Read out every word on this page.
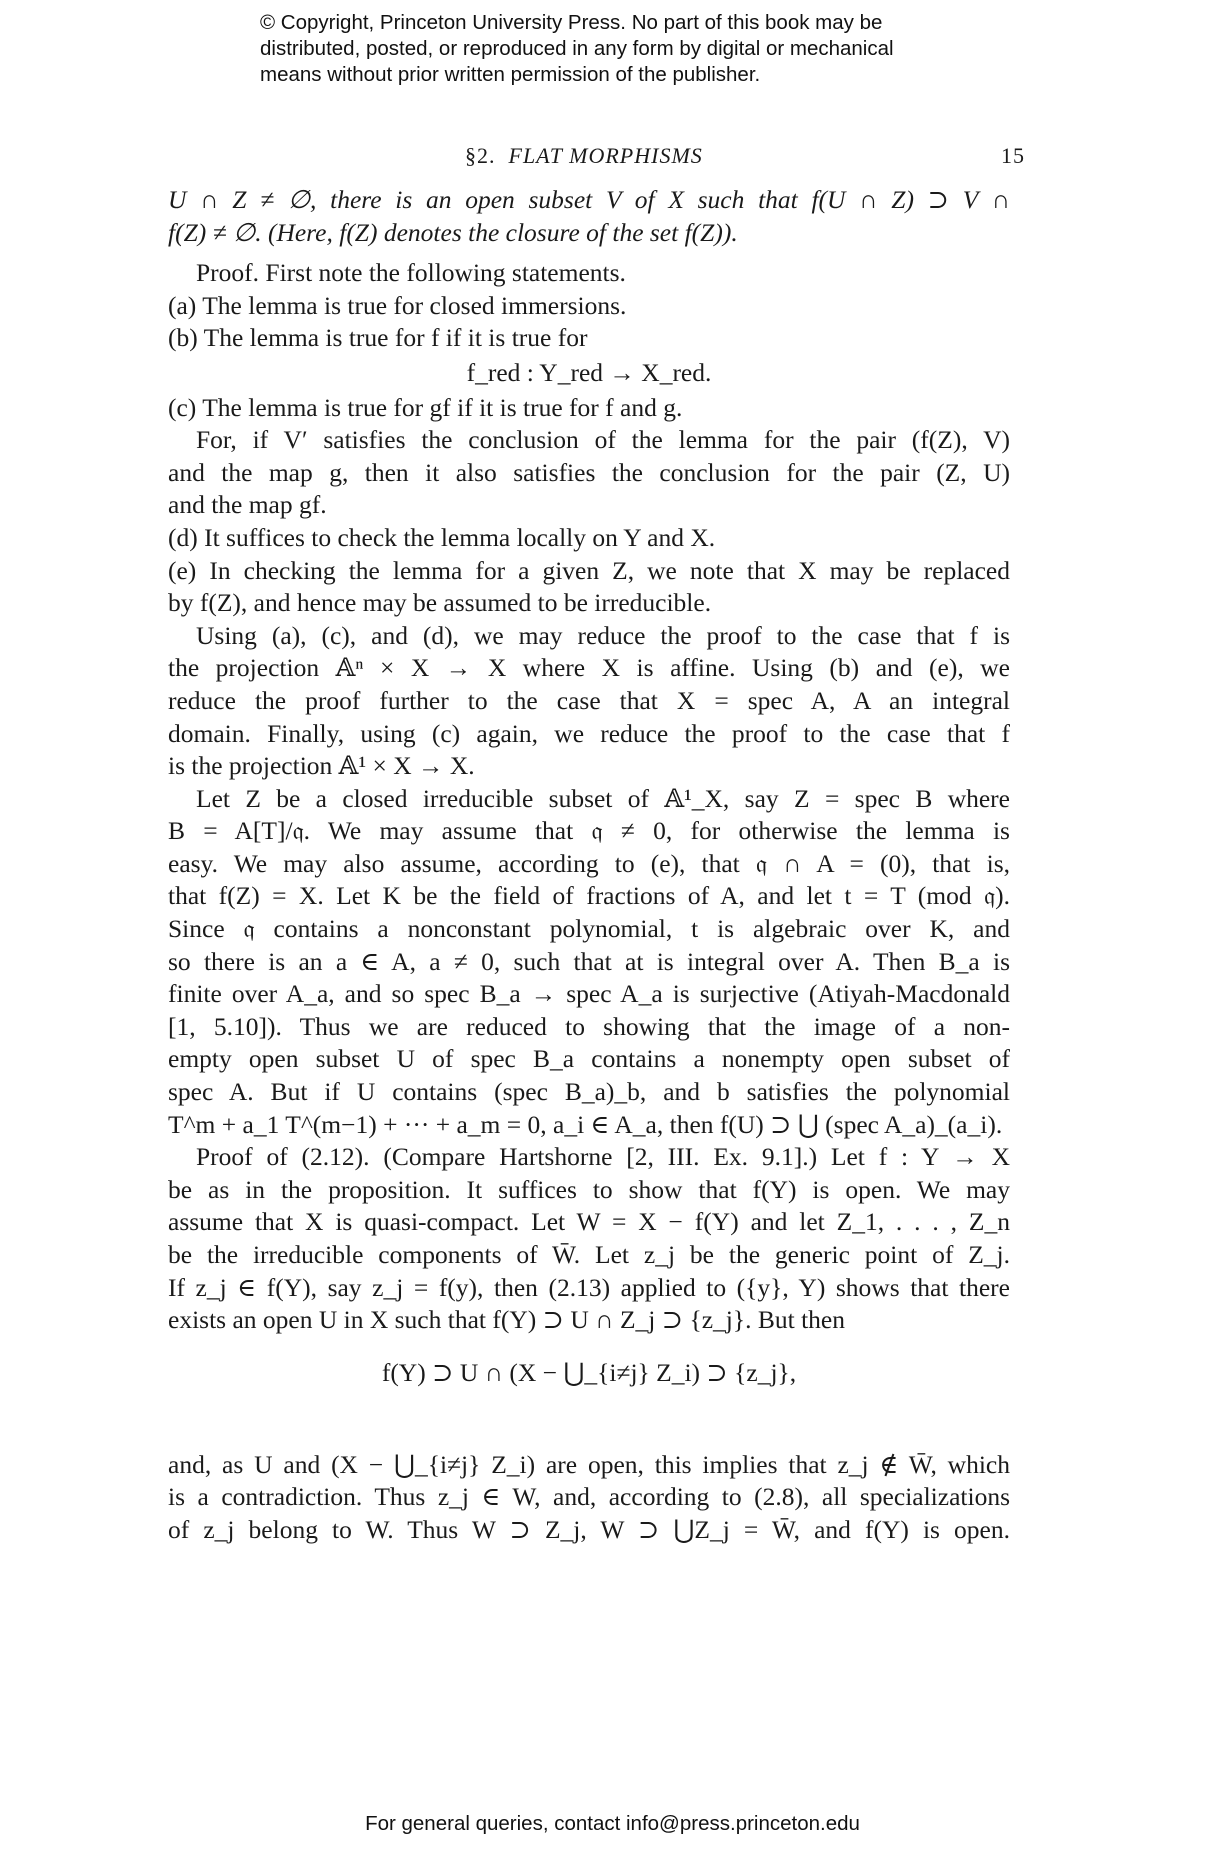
© Copyright, Princeton University Press. No part of this book may be
distributed, posted, or reproduced in any form by digital or mechanical
means without prior written permission of the publisher.
§2. FLAT MORPHISMS	15
U ∩ Z ≠ ∅, there is an open subset V of X such that f(U ∩ Z) ⊃ V ∩
f(Z) ≠ ∅. (Here, f(Z) denotes the closure of the set f(Z)).
Proof. First note the following statements.
(a) The lemma is true for closed immersions.
(b) The lemma is true for f if it is true for
f_red : Y_red → X_red.
(c) The lemma is true for gf if it is true for f and g.
For, if V′ satisfies the conclusion of the lemma for the pair (f(Z), V)
and the map g, then it also satisfies the conclusion for the pair (Z, U)
and the map gf.
(d) It suffices to check the lemma locally on Y and X.
(e) In checking the lemma for a given Z, we note that X may be replaced
by f(Z), and hence may be assumed to be irreducible.
Using (a), (c), and (d), we may reduce the proof to the case that f is
the projection 𝔸ⁿ × X → X where X is affine. Using (b) and (e), we
reduce the proof further to the case that X = spec A, A an integral
domain. Finally, using (c) again, we reduce the proof to the case that f
is the projection 𝔸¹ × X → X.
Let Z be a closed irreducible subset of 𝔸¹_X, say Z = spec B where
B = A[T]/𝔮. We may assume that 𝔮 ≠ 0, for otherwise the lemma is
easy. We may also assume, according to (e), that 𝔮 ∩ A = (0), that is,
that f(Z) = X. Let K be the field of fractions of A, and let t = T (mod 𝔮).
Since 𝔮 contains a nonconstant polynomial, t is algebraic over K, and
so there is an a ∈ A, a ≠ 0, such that at is integral over A. Then B_a is
finite over A_a, and so spec B_a → spec A_a is surjective (Atiyah-Macdonald
[1, 5.10]). Thus we are reduced to showing that the image of a non-
empty open subset U of spec B_a contains a nonempty open subset of
spec A. But if U contains (spec B_a)_b, and b satisfies the polynomial
T^m + a_1 T^(m−1) + ··· + a_m = 0, a_i ∈ A_a, then f(U) ⊃ ⋃ (spec A_a)_(a_i).
Proof of (2.12). (Compare Hartshorne [2, III. Ex. 9.1].) Let f : Y → X
be as in the proposition. It suffices to show that f(Y) is open. We may
assume that X is quasi-compact. Let W = X − f(Y) and let Z_1, . . . , Z_n
be the irreducible components of W̄. Let z_j be the generic point of Z_j.
If z_j ∈ f(Y), say z_j = f(y), then (2.13) applied to ({y}, Y) shows that there
exists an open U in X such that f(Y) ⊃ U ∩ Z_j ⊃ {z_j}. But then
f(Y) ⊃ U ∩ (X − ⋃_{i≠j} Z_i) ⊃ {z_j},
and, as U and (X − ⋃_{i≠j} Z_i) are open, this implies that z_j ∉ W̄, which
is a contradiction. Thus z_j ∈ W, and, according to (2.8), all specializations
of z_j belong to W. Thus W ⊃ Z_j, W ⊃ ⋃Z_j = W̄, and f(Y) is open.
For general queries, contact info@press.princeton.edu
